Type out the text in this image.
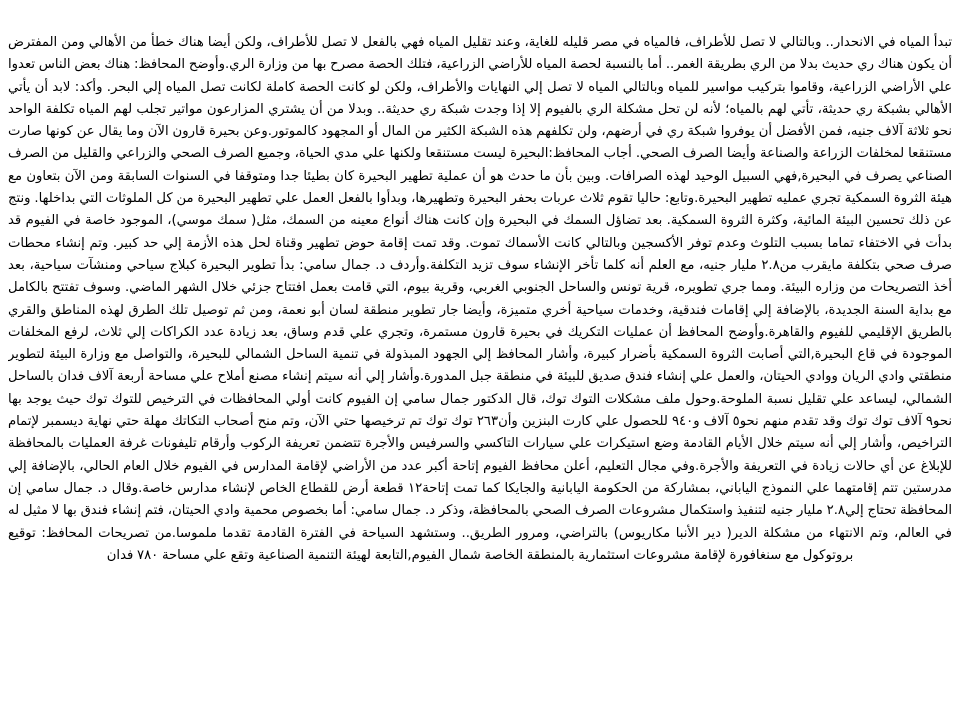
تبدأ المياه في الانحدار.. وبالتالي لا تصل للأطراف، فالمياه في مصر قليله للغاية، وعند تقليل المياه فهي بالفعل لا تصل للأطراف، ولكن أيضا هناك خطأ من الأهالي ومن المفترض أن يكون هناك ري حديث بدلا من الري بطريقة الغمر.. أما بالنسبة لحصة المياه للأراضي الزراعية، فتلك الحصة مصرح بها من وزارة الري.وأوضح المحافظ: هناك بعض الناس تعدوا علي الأراضي الزراعية، وقاموا بتركيب مواسير للمياه وبالتالي المياه لا تصل إلي النهايات والأطراف، ولكن لو كانت الحصة كاملة لكانت تصل المياه إلي البحر. وأكد: لابد أن يأتي الأهالي بشبكة ري حديثة، تأتي لهم بالمياه؛ لأنه لن تحل مشكلة الري بالفيوم إلا إذا وجدت شبكة ري حديثة.. وبدلا من أن يشتري المزارعون مواتير تجلب لهم المياه تكلفة الواحد نحو ثلاثة آلاف جنيه، فمن الأفضل أن يوفروا شبكة ري في أرضهم، ولن تكلفهم هذه الشبكة الكثير من المال أو المجهود كالموتور.وعن بحيرة قارون الآن وما يقال عن كونها صارت مستنقعا لمخلفات الزراعة والصناعة وأيضا الصرف الصحي. أجاب المحافظ:البحيرة ليست مستنقعا ولكنها علي مدي الحياة، وجميع الصرف الصحي والزراعي والقليل من الصرف الصناعي يصرف في البحيرة,فهي السبيل الوحيد لهذه الصرافات. وبين بأن ما حدث هو أن عملية تطهير البحيرة كان بطيئا جدا ومتوقفا في السنوات السابقة ومن الآن بتعاون مع هيئة الثروة السمكية تجري عمليه تطهير البحيرة.وتابع: حاليا تقوم ثلاث عربات بحفر البحيرة وتطهيرها، وبدأوا بالفعل العمل علي تطهير البحيرة من كل الملوثات التي بداخلها. ونتج عن ذلك تحسين البيئة المائية، وكثرة الثروة السمكية. بعد تضاؤل السمك في البحيرة وإن كانت هناك أنواع معينه من السمك، مثل( سمك موسي)، الموجود خاصة في الفيوم قد بدأت في الاختفاء تماما بسبب التلوث وعدم توفر الأكسجين وبالتالي كانت الأسماك تموت. وقد تمت إقامة حوض تطهير وقناة لحل هذه الأزمة إلي حد كبير. وتم إنشاء محطات صرف صحي بتكلفة مايقرب من٢.٨ مليار جنيه، مع العلم أنه كلما تأخر الإنشاء سوف تزيد التكلفة.وأردف د. جمال سامي: بدأ تطوير البحيرة كبلاج سياحي ومنشآت سياحية، بعد أخذ التصريحات من وزاره البيئة. ومما جري تطويره، قرية تونس والساحل الجنوبي الغربي، وقرية بيوم، التي قامت بعمل افتتاح جزئي خلال الشهر الماضي. وسوف تفتتح بالكامل مع بداية السنة الجديدة، بالإضافة إلي إقامات فندقية، وخدمات سياحية أخري متميزة، وأيضا جار تطوير منطقة لسان أبو نعمة، ومن ثم توصيل تلك الطرق لهذه المناطق والقري بالطريق الإقليمي للفيوم والقاهرة.وأوضح المحافظ أن عمليات التكريك في بحيرة قارون مستمرة، وتجري علي قدم وساق، بعد زيادة عدد الكراكات إلي ثلاث، لرفع المخلفات الموجودة في قاع البحيرة,التي أصابت الثروة السمكية بأضرار كبيرة، وأشار المحافظ إلي الجهود المبذولة في تنمية الساحل الشمالي للبحيرة، والتواصل مع وزارة البيئة لتطوير منطقتي وادي الريان ووادي الحيتان، والعمل علي إنشاء فندق صديق للبيئة في منطقة جبل المدورة.وأشار إلي أنه سيتم إنشاء مصنع أملاح علي مساحة أربعة آلاف فدان بالساحل الشمالي، ليساعد علي تقليل نسبة الملوحة.وحول ملف مشكلات التوك توك، قال الدكتور جمال سامي إن الفيوم كانت أولي المحافظات في الترخيص للتوك توك حيث يوجد بها نحو٩ آلاف توك توك وقد تقدم منهم نحو٥ آلاف و٩٤٠ للحصول علي كارت البنزين وأن٢٦٣ توك توك تم ترخيصها حتي الآن، وتم منح أصحاب التكاتك مهلة حتي نهاية ديسمبر لإتمام التراخيص، وأشار إلي أنه سيتم خلال الأيام القادمة وضع استيكرات علي سيارات التاكسي والسرفيس والأجرة تتضمن تعريفة الركوب وأرقام تليفونات غرفة العمليات بالمحافظة للإبلاغ عن أي حالات زيادة في التعريفة والأجرة.وفي مجال التعليم، أعلن محافظ الفيوم إتاحة أكبر عدد من الأراضي لإقامة المدارس في الفيوم خلال العام الحالي، بالإضافة إلي مدرستين تتم إقامتهما علي النموذج الياباني، بمشاركة من الحكومة اليابانية والجايكا كما تمت إتاحة١٢ قطعة أرض للقطاع الخاص لإنشاء مدارس خاصة.وقال د. جمال سامي إن المحافظة تحتاج إلي٢.٨ مليار جنيه لتنفيذ واستكمال مشروعات الصرف الصحي بالمحافظة، وذكر د. جمال سامي: أما بخصوص محمية وادي الحيتان، فتم إنشاء فندق بها لا مثيل له في العالم، وتم الانتهاء من مشكلة الدير( دير الأنبا مكاريوس) بالتراضي، ومرور الطريق.. وستشهد السياحة في الفترة القادمة تقدما ملموسا.من تصريحات المحافظ: توقيع بروتوكول مع سنغافورة لإقامة مشروعات استثمارية بالمنطقة الخاصة شمال الفيوم,التابعة لهيئة التنمية الصناعية وتقع علي مساحة ٧٨٠ فدان
